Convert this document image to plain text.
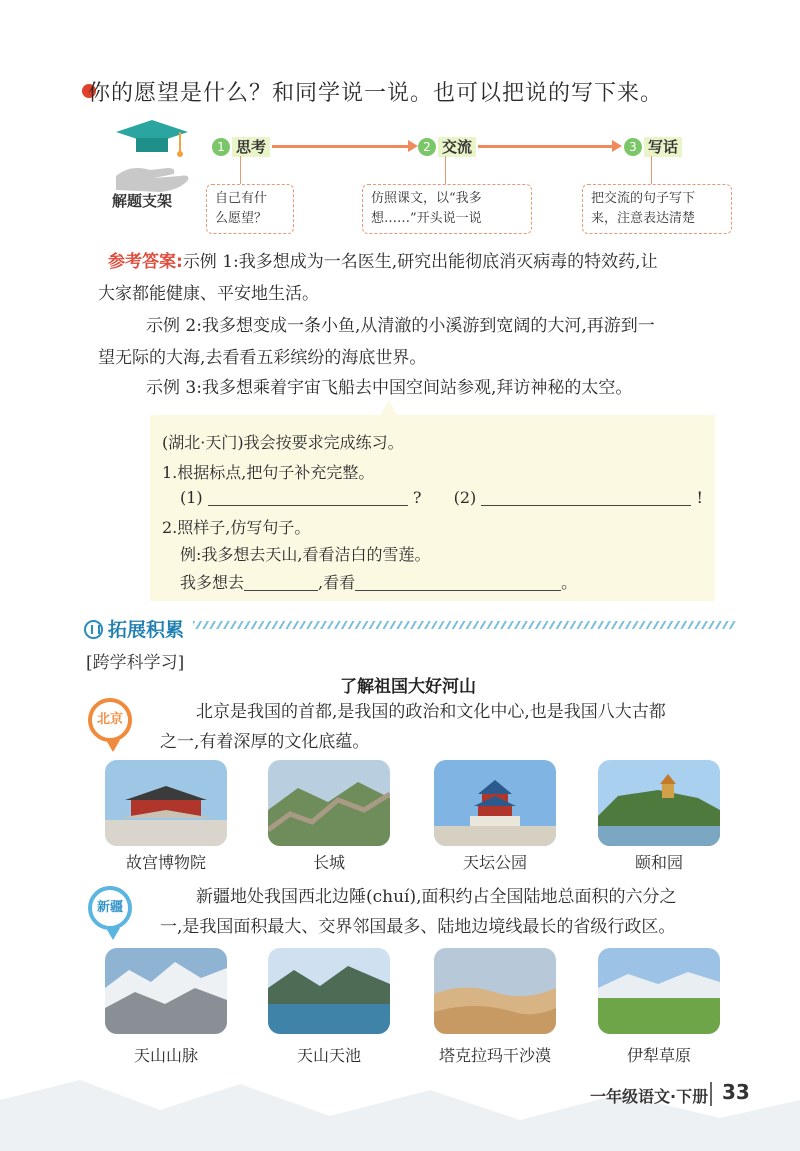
你的愿望是什么？和同学说一说。也可以把说的写下来。
解题支架
1 思考	2 交流	3 写话
自己有什
么愿望？
仿照课文，以“我多
想……”开头说一说
把交流的句子写下
来，注意表达清楚
参考答案:示例 1:我多想成为一名医生,研究出能彻底消灭病毒的特效药,让
大家都能健康、平安地生活。
示例 2:我多想变成一条小鱼,从清澈的小溪游到宽阔的大河,再游到一
望无际的大海,去看看五彩缤纷的海底世界。
示例 3:我多想乘着宇宙飞船去中国空间站参观,拜访神秘的太空。
(湖北·天门)我会按要求完成练习。
1.根据标点,把句子补充完整。
(1)	? (2)	!
2.照样子,仿写句子。
例:我多想去天山,看看洁白的雪莲。
我多想去	,看看	。
拓展积累
[跨学科学习]
了解祖国大好河山
北京	北京是我国的首都,是我国的政治和文化中心,也是我国八大古都
之一,有着深厚的文化底蕴。
故宫博物院	长城	天坛公园	颐和园
新疆
新疆地处我国西北边陲(chuí),面积约占全国陆地总面积的六分之
一,是我国面积最大、交界邻国最多、陆地边境线最长的省级行政区。
天山山脉	天山天池	塔克拉玛干沙漠	伊犁草原
一年级语文·下册 33
